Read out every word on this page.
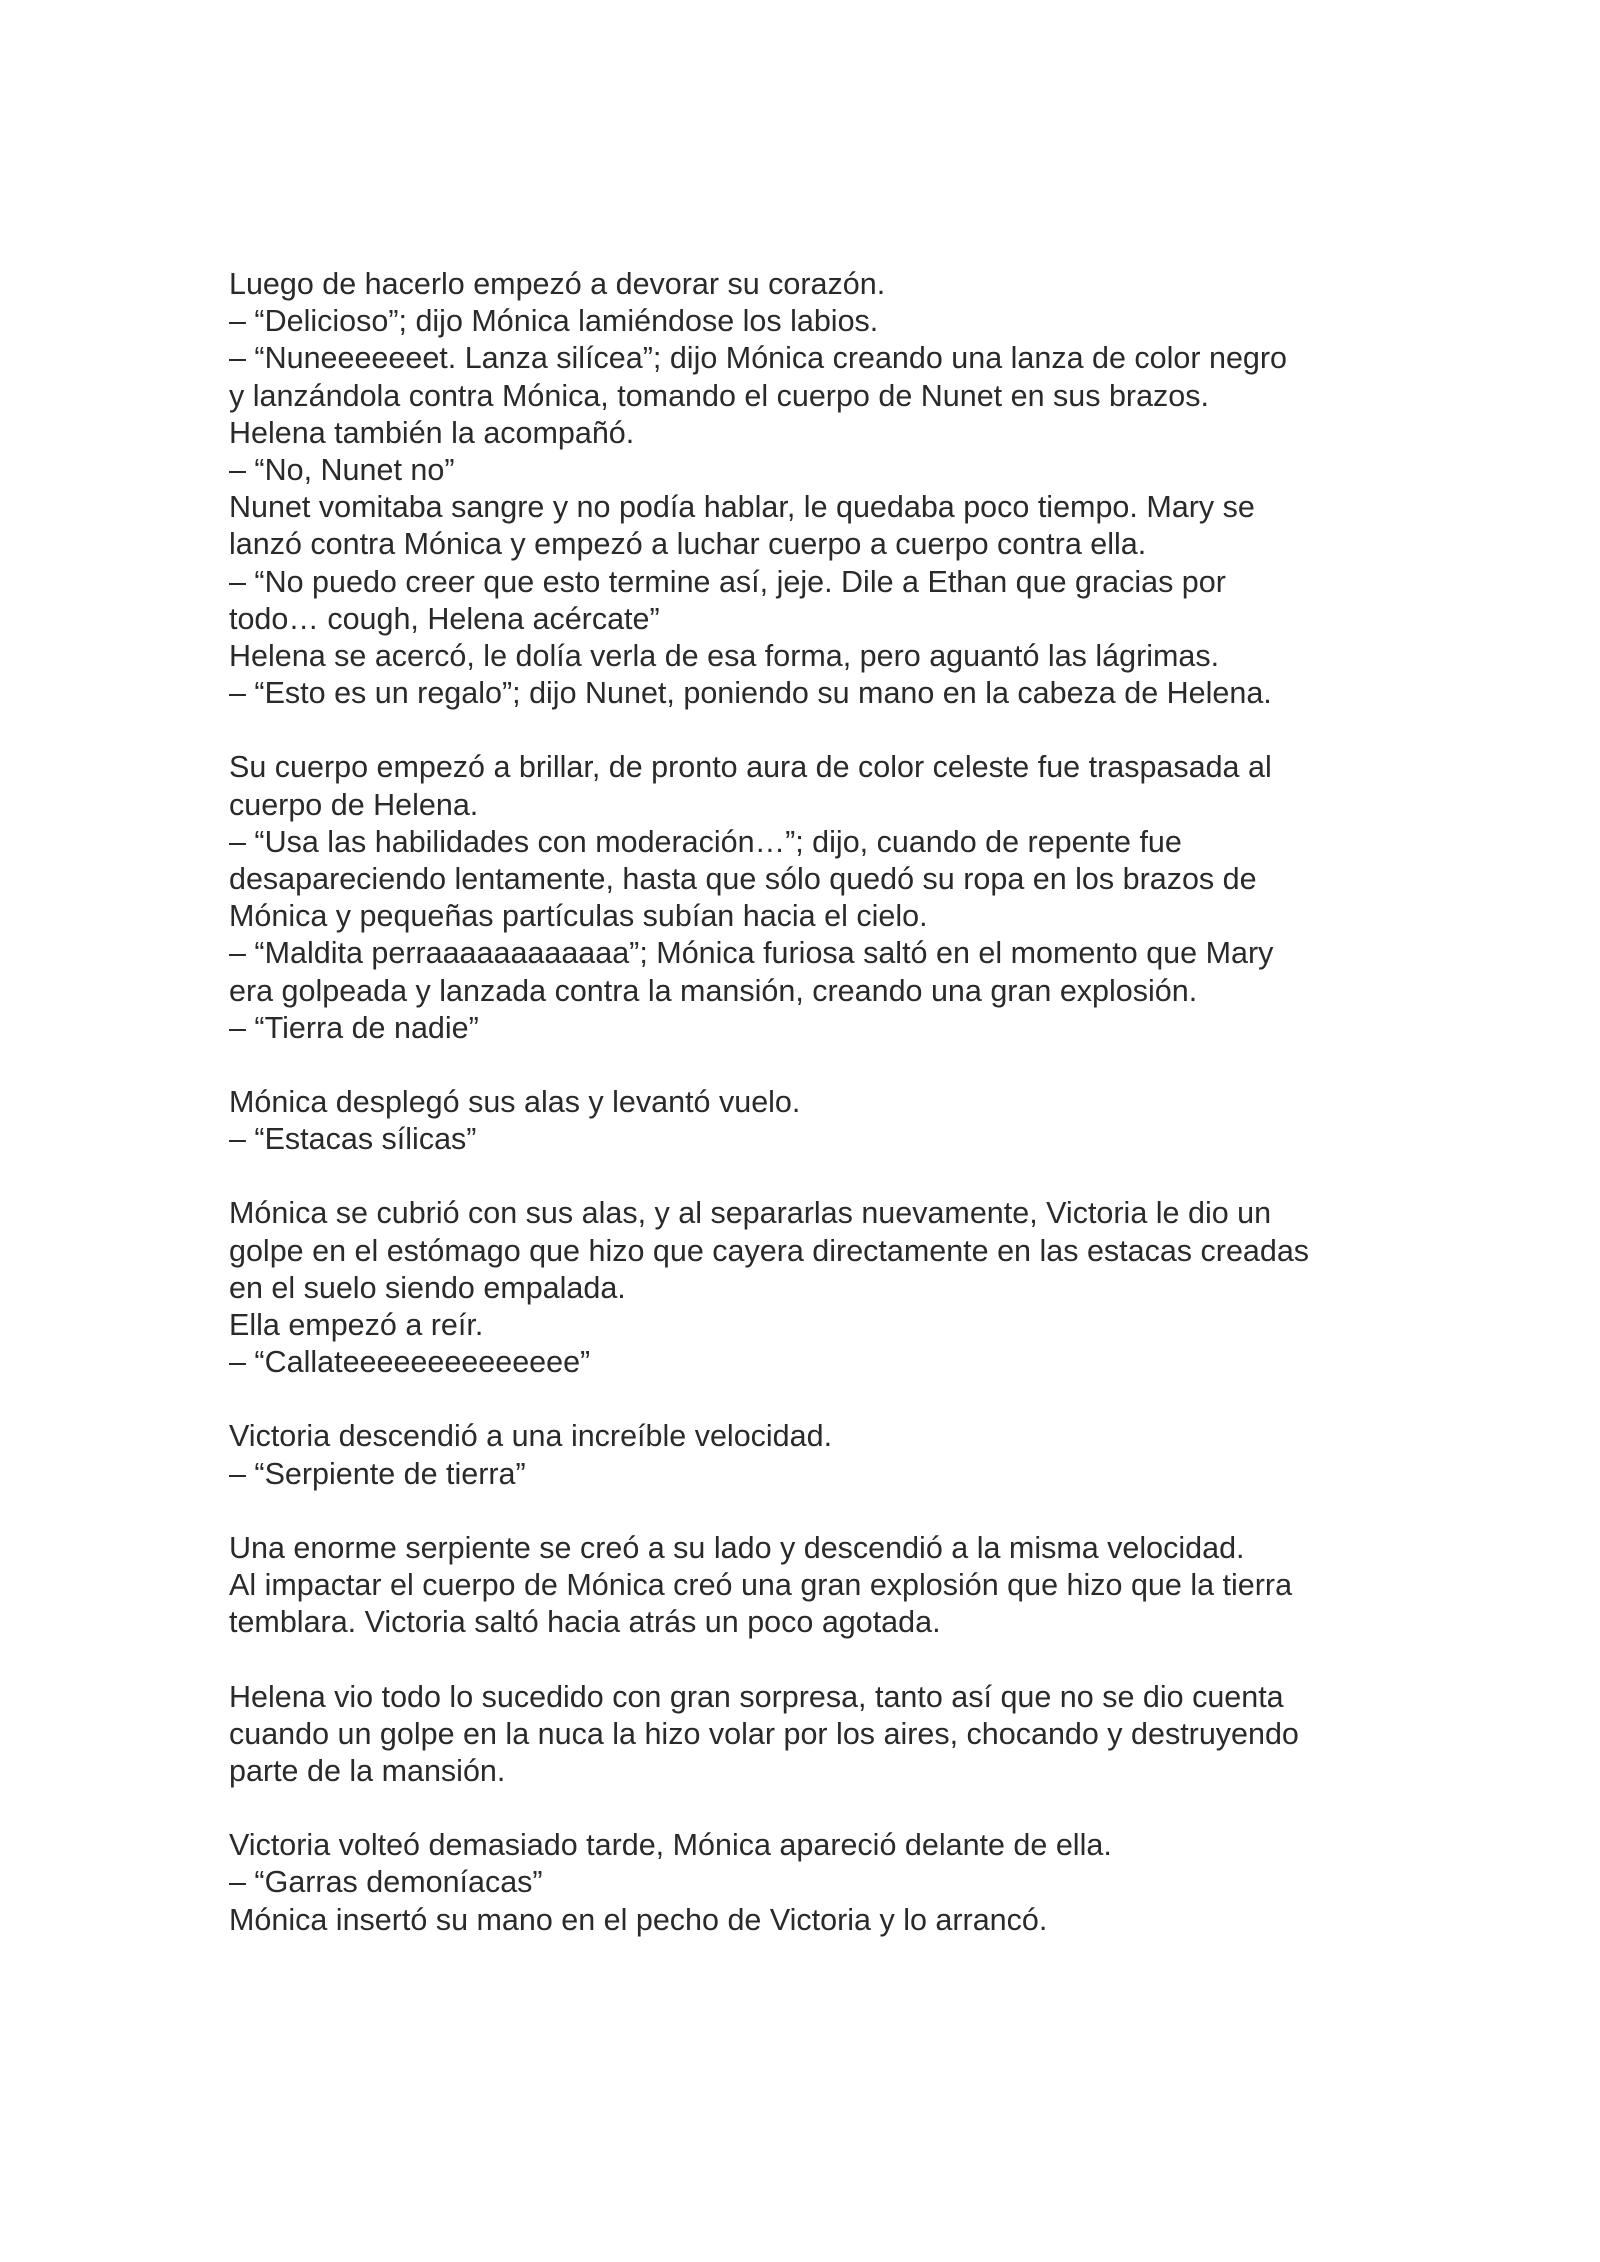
Luego de hacerlo empezó a devorar su corazón.
– “Delicioso”; dijo Mónica lamiéndose los labios.
– “Nuneeeeeeet. Lanza silícea”; dijo Mónica creando una lanza de color negro
y lanzándola contra Mónica, tomando el cuerpo de Nunet en sus brazos.
Helena también la acompañó.
– “No, Nunet no”
Nunet vomitaba sangre y no podía hablar, le quedaba poco tiempo. Mary se
lanzó contra Mónica y empezó a luchar cuerpo a cuerpo contra ella.
– “No puedo creer que esto termine así, jeje. Dile a Ethan que gracias por
todo… cough, Helena acércate”
Helena se acercó, le dolía verla de esa forma, pero aguantó las lágrimas.
– “Esto es un regalo”; dijo Nunet, poniendo su mano en la cabeza de Helena.

Su cuerpo empezó a brillar, de pronto aura de color celeste fue traspasada al
cuerpo de Helena.
– “Usa las habilidades con moderación…”; dijo, cuando de repente fue
desapareciendo lentamente, hasta que sólo quedó su ropa en los brazos de
Mónica y pequeñas partículas subían hacia el cielo.
– “Maldita perraaaaaaaaaaaa”; Mónica furiosa saltó en el momento que Mary
era golpeada y lanzada contra la mansión, creando una gran explosión.
– “Tierra de nadie”

Mónica desplegó sus alas y levantó vuelo.
– “Estacas sílicas”

Mónica se cubrió con sus alas, y al separarlas nuevamente, Victoria le dio un
golpe en el estómago que hizo que cayera directamente en las estacas creadas
en el suelo siendo empalada.
Ella empezó a reír.
– “Callateeeeeeeeeeeeee”

Victoria descendió a una increíble velocidad.
– “Serpiente de tierra”

Una enorme serpiente se creó a su lado y descendió a la misma velocidad.
Al impactar el cuerpo de Mónica creó una gran explosión que hizo que la tierra
temblara. Victoria saltó hacia atrás un poco agotada.

Helena vio todo lo sucedido con gran sorpresa, tanto así que no se dio cuenta
cuando un golpe en la nuca la hizo volar por los aires, chocando y destruyendo
parte de la mansión.

Victoria volteó demasiado tarde, Mónica apareció delante de ella.
– “Garras demoníacas”
Mónica insertó su mano en el pecho de Victoria y lo arrancó.
